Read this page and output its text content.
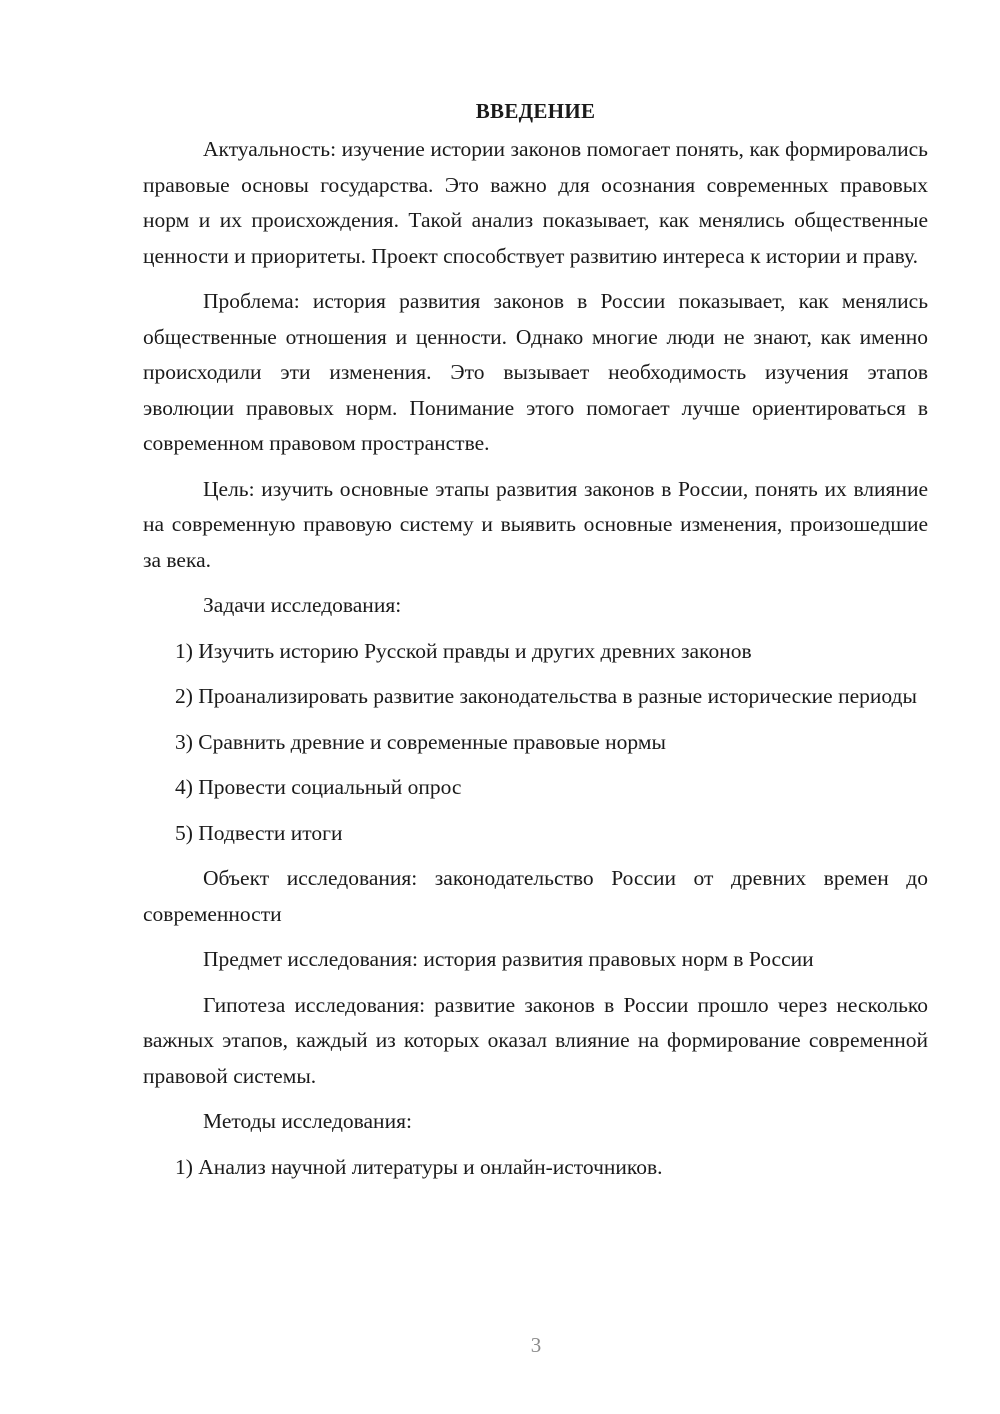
ВВЕДЕНИЕ

Актуальность: изучение истории законов помогает понять, как формировались правовые основы государства. Это важно для осознания современных правовых норм и их происхождения. Такой анализ показывает, как менялись общественные ценности и приоритеты. Проект способствует развитию интереса к истории и праву.

Проблема: история развития законов в России показывает, как менялись общественные отношения и ценности. Однако многие люди не знают, как именно происходили эти изменения. Это вызывает необходимость изучения этапов эволюции правовых норм. Понимание этого помогает лучше ориентироваться в современном правовом пространстве.

Цель: изучить основные этапы развития законов в России, понять их влияние на современную правовую систему и выявить основные изменения, произошедшие за века.

Задачи исследования:

1) Изучить историю Русской правды и других древних законов

2) Проанализировать развитие законодательства в разные исторические периоды

3) Сравнить древние и современные правовые нормы

4) Провести социальный опрос

5) Подвести итоги

Объект исследования: законодательство России от древних времен до современности

Предмет исследования: история развития правовых норм в России

Гипотеза исследования: развитие законов в России прошло через несколько важных этапов, каждый из которых оказал влияние на формирование современной правовой системы.

Методы исследования:

1) Анализ научной литературы и онлайн-источников.

3
